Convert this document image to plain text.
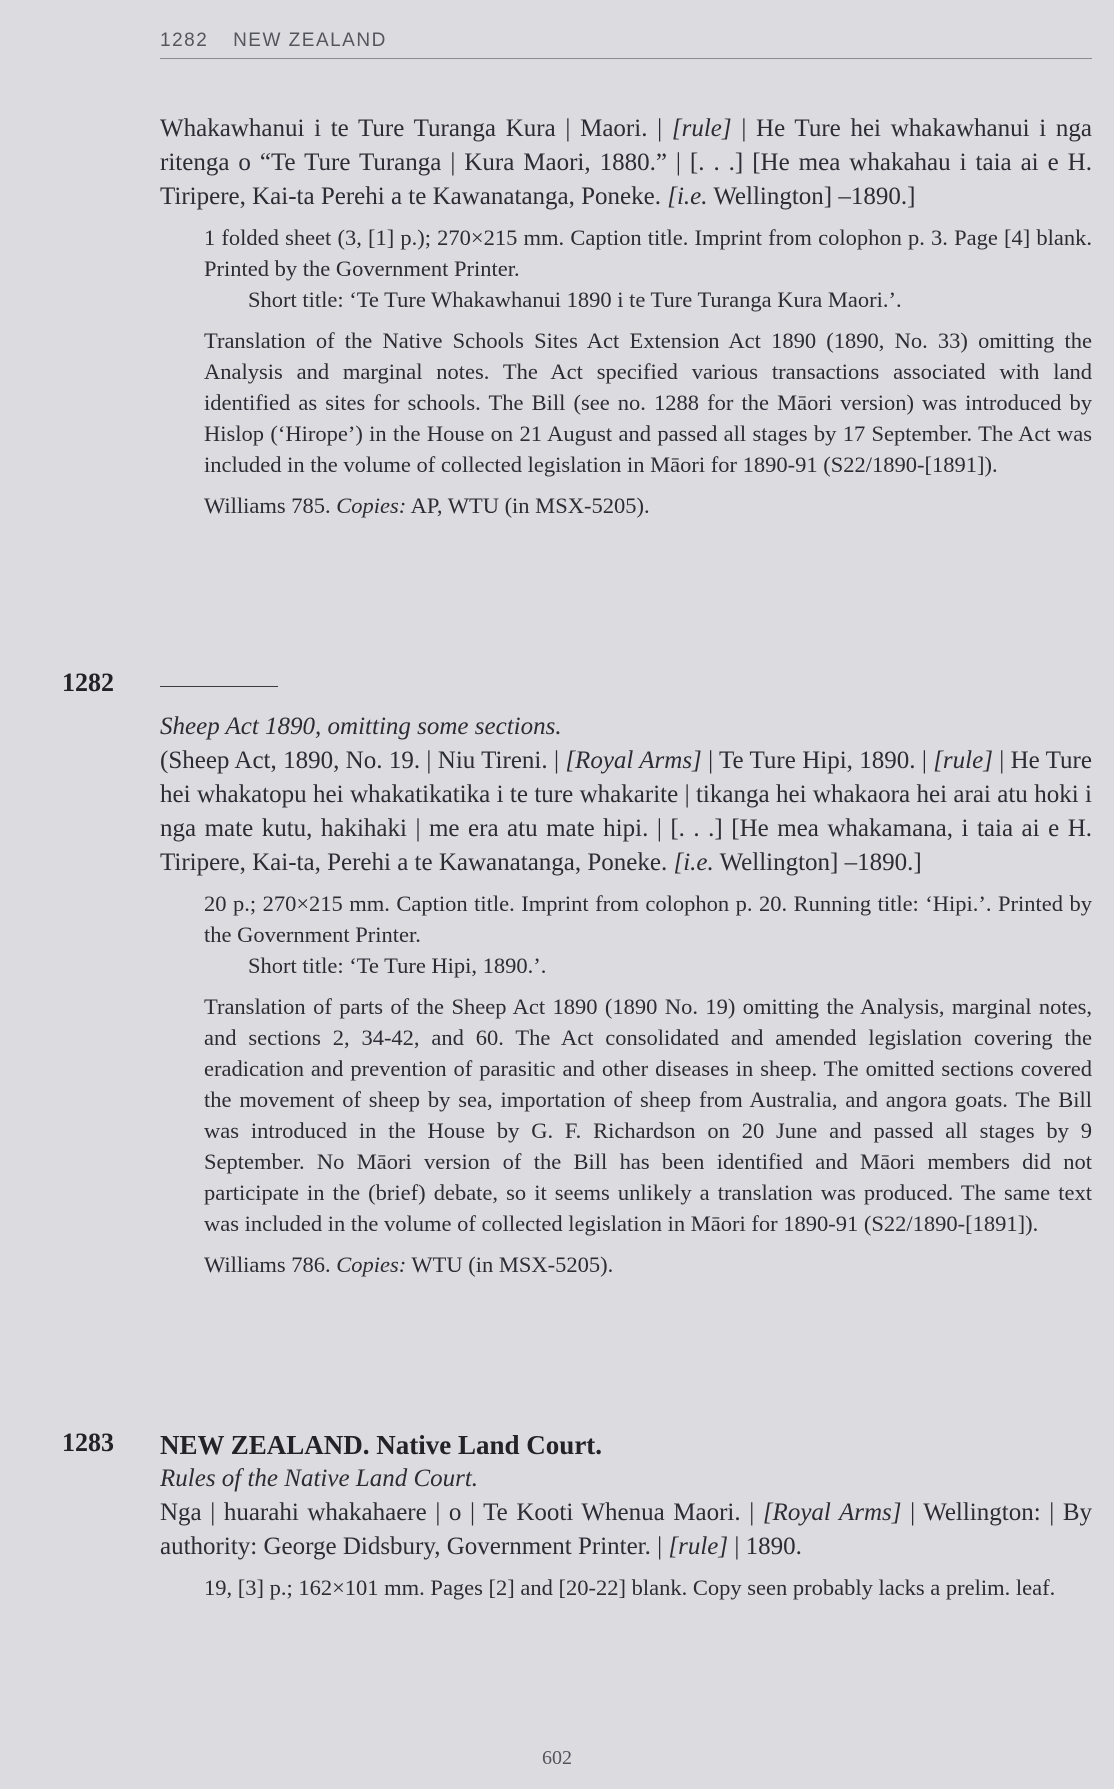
1282 NEW ZEALAND
Whakawhanui i te Ture Turanga Kura | Maori. | [rule] | He Ture hei whakawhanui i nga ritenga o “Te Ture Turanga | Kura Maori, 1880.” | [. . .] [He mea whakahau i taia ai e H. Tiripere, Kai-ta Perehi a te Kawanatanga, Poneke. [i.e. Wellington] –1890.]
1 folded sheet (3, [1] p.); 270×215 mm. Caption title. Imprint from colophon p. 3. Page [4] blank. Printed by the Government Printer.
Short title: ‘Te Ture Whakawhanui 1890 i te Ture Turanga Kura Maori.’.
Translation of the Native Schools Sites Act Extension Act 1890 (1890, No. 33) omitting the Analysis and marginal notes. The Act specified various transactions associated with land identified as sites for schools. The Bill (see no. 1288 for the Māori version) was introduced by Hislop (‘Hirope’) in the House on 21 August and passed all stages by 17 September. The Act was included in the volume of collected legislation in Māori for 1890-91 (S22/1890-[1891]).
Williams 785. Copies: AP, WTU (in MSX-5205).
1282
Sheep Act 1890, omitting some sections.
(Sheep Act, 1890, No. 19. | Niu Tireni. | [Royal Arms] | Te Ture Hipi, 1890. | [rule] | He Ture hei whakatopu hei whakatikatika i te ture whakarite | tikanga hei whakaora hei arai atu hoki i nga mate kutu, hakihaki | me era atu mate hipi. | [. . .] [He mea whakamana, i taia ai e H. Tiripere, Kai-ta, Perehi a te Kawanatanga, Poneke. [i.e. Wellington] –1890.]
20 p.; 270×215 mm. Caption title. Imprint from colophon p. 20. Running title: ‘Hipi.’. Printed by the Government Printer.
Short title: ‘Te Ture Hipi, 1890.’.
Translation of parts of the Sheep Act 1890 (1890 No. 19) omitting the Analysis, marginal notes, and sections 2, 34-42, and 60. The Act consolidated and amended legislation covering the eradication and prevention of parasitic and other diseases in sheep. The omitted sections covered the movement of sheep by sea, importation of sheep from Australia, and angora goats. The Bill was introduced in the House by G. F. Richardson on 20 June and passed all stages by 9 September. No Māori version of the Bill has been identified and Māori members did not participate in the (brief) debate, so it seems unlikely a translation was produced. The same text was included in the volume of collected legislation in Māori for 1890-91 (S22/1890-[1891]).
Williams 786. Copies: WTU (in MSX-5205).
1283 NEW ZEALAND. Native Land Court.
Rules of the Native Land Court.
Nga | huarahi whakahaere | o | Te Kooti Whenua Maori. | [Royal Arms] | Wellington: | By authority: George Didsbury, Government Printer. | [rule] | 1890.
19, [3] p.; 162×101 mm. Pages [2] and [20-22] blank. Copy seen probably lacks a prelim. leaf.
602
